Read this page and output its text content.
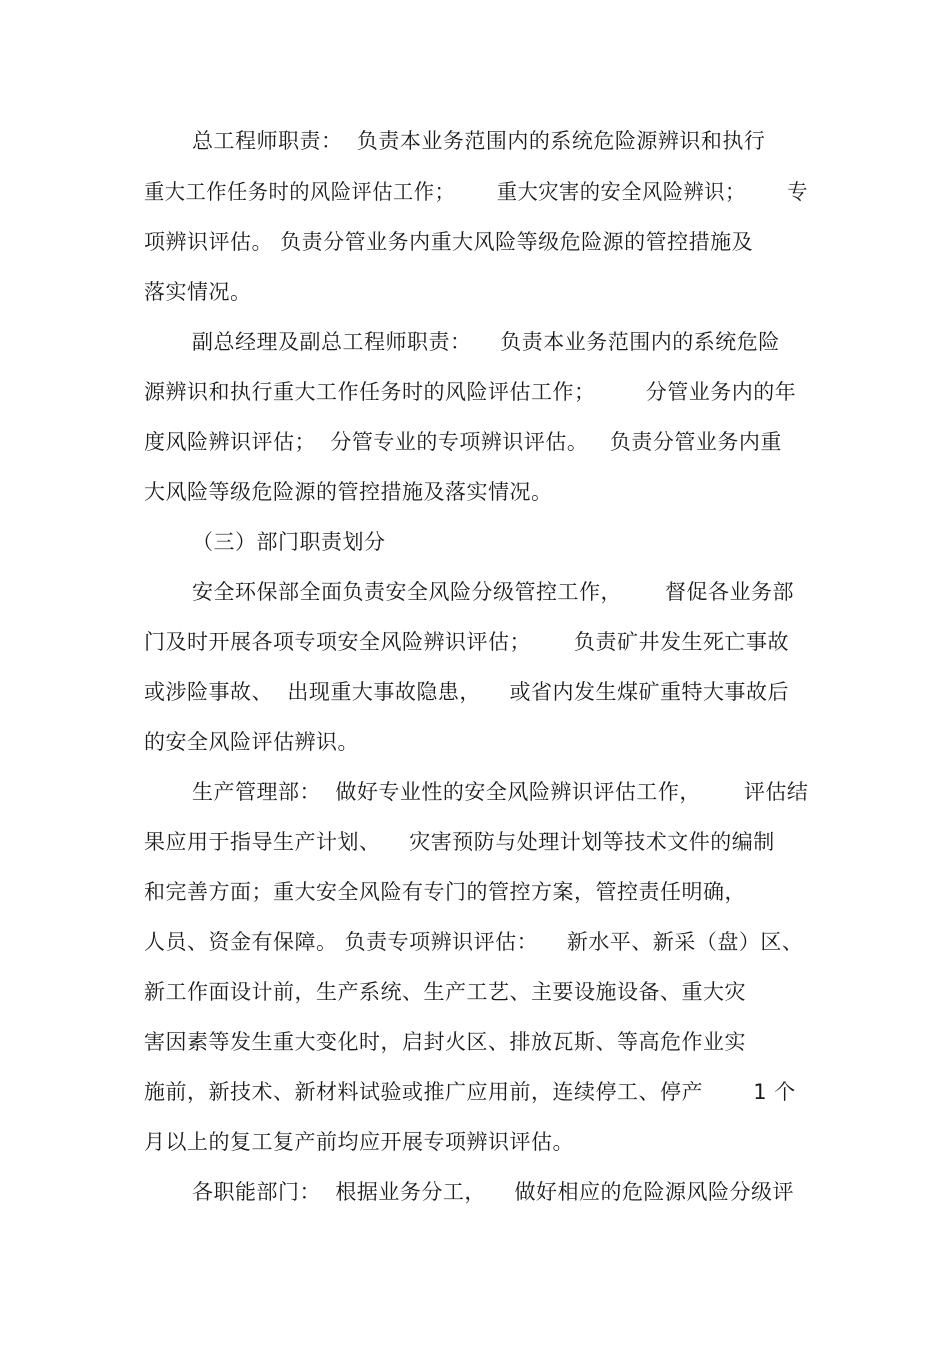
总工程师职责：  负责本业务范围内的系统危险源辨识和执行
重大工作任务时的风险评估工作；      重大灾害的安全风险辨识；      专
项辨识评估。 负责分管业务内重大风险等级危险源的管控措施及
落实情况。
副总经理及副总工程师职责：    负责本业务范围内的系统危险
源辨识和执行重大工作任务时的风险评估工作；       分管业务内的年
度风险辨识评估；  分管专业的专项辨识评估。   负责分管业务内重
大风险等级危险源的管控措施及落实情况。
（三）部门职责划分
安全环保部全面负责安全风险分级管控工作，      督促各业务部
门及时开展各项专项安全风险辨识评估；      负责矿井发生死亡事故
或涉险事故、  出现重大事故隐患，    或省内发生煤矿重特大事故后
的安全风险评估辨识。
生产管理部：  做好专业性的安全风险辨识评估工作，      评估结
果应用于指导生产计划、    灾害预防与处理计划等技术文件的编制
和完善方面；重大安全风险有专门的管控方案，管控责任明确，
人员、资金有保障。 负责专项辨识评估：    新水平、新采（盘）区、
新工作面设计前，生产系统、生产工艺、主要设施设备、重大灾
害因素等发生重大变化时，启封火区、排放瓦斯、等高危作业实
施前，新技术、新材料试验或推广应用前，连续停工、停产       1 个
月以上的复工复产前均应开展专项辨识评估。
各职能部门：  根据业务分工，    做好相应的危险源风险分级评
